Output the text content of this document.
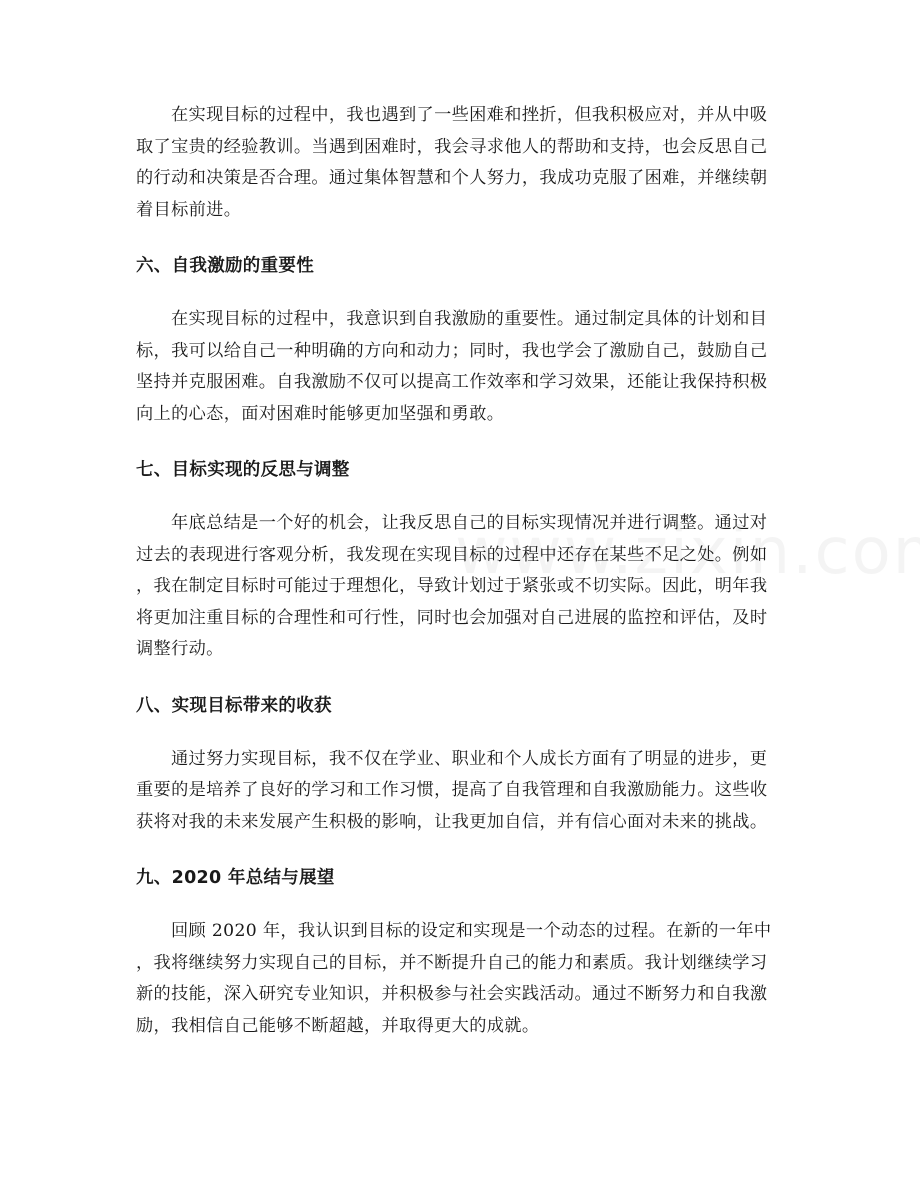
在实现目标的过程中，我也遇到了一些困难和挫折，但我积极应对，并从中吸
取了宝贵的经验教训。当遇到困难时，我会寻求他人的帮助和支持，也会反思自己
的行动和决策是否合理。通过集体智慧和个人努力，我成功克服了困难，并继续朝
着目标前进。

六、自我激励的重要性

在实现目标的过程中，我意识到自我激励的重要性。通过制定具体的计划和目
标，我可以给自己一种明确的方向和动力；同时，我也学会了激励自己，鼓励自己
坚持并克服困难。自我激励不仅可以提高工作效率和学习效果，还能让我保持积极
向上的心态，面对困难时能够更加坚强和勇敢。

七、目标实现的反思与调整

年底总结是一个好的机会，让我反思自己的目标实现情况并进行调整。通过对
过去的表现进行客观分析，我发现在实现目标的过程中还存在某些不足之处。例如
，我在制定目标时可能过于理想化，导致计划过于紧张或不切实际。因此，明年我
将更加注重目标的合理性和可行性，同时也会加强对自己进展的监控和评估，及时
调整行动。

八、实现目标带来的收获

通过努力实现目标，我不仅在学业、职业和个人成长方面有了明显的进步，更
重要的是培养了良好的学习和工作习惯，提高了自我管理和自我激励能力。这些收
获将对我的未来发展产生积极的影响，让我更加自信，并有信心面对未来的挑战。

九、2020 年总结与展望

回顾 2020 年，我认识到目标的设定和实现是一个动态的过程。在新的一年中
，我将继续努力实现自己的目标，并不断提升自己的能力和素质。我计划继续学习
新的技能，深入研究专业知识，并积极参与社会实践活动。通过不断努力和自我激
励，我相信自己能够不断超越，并取得更大的成就。
